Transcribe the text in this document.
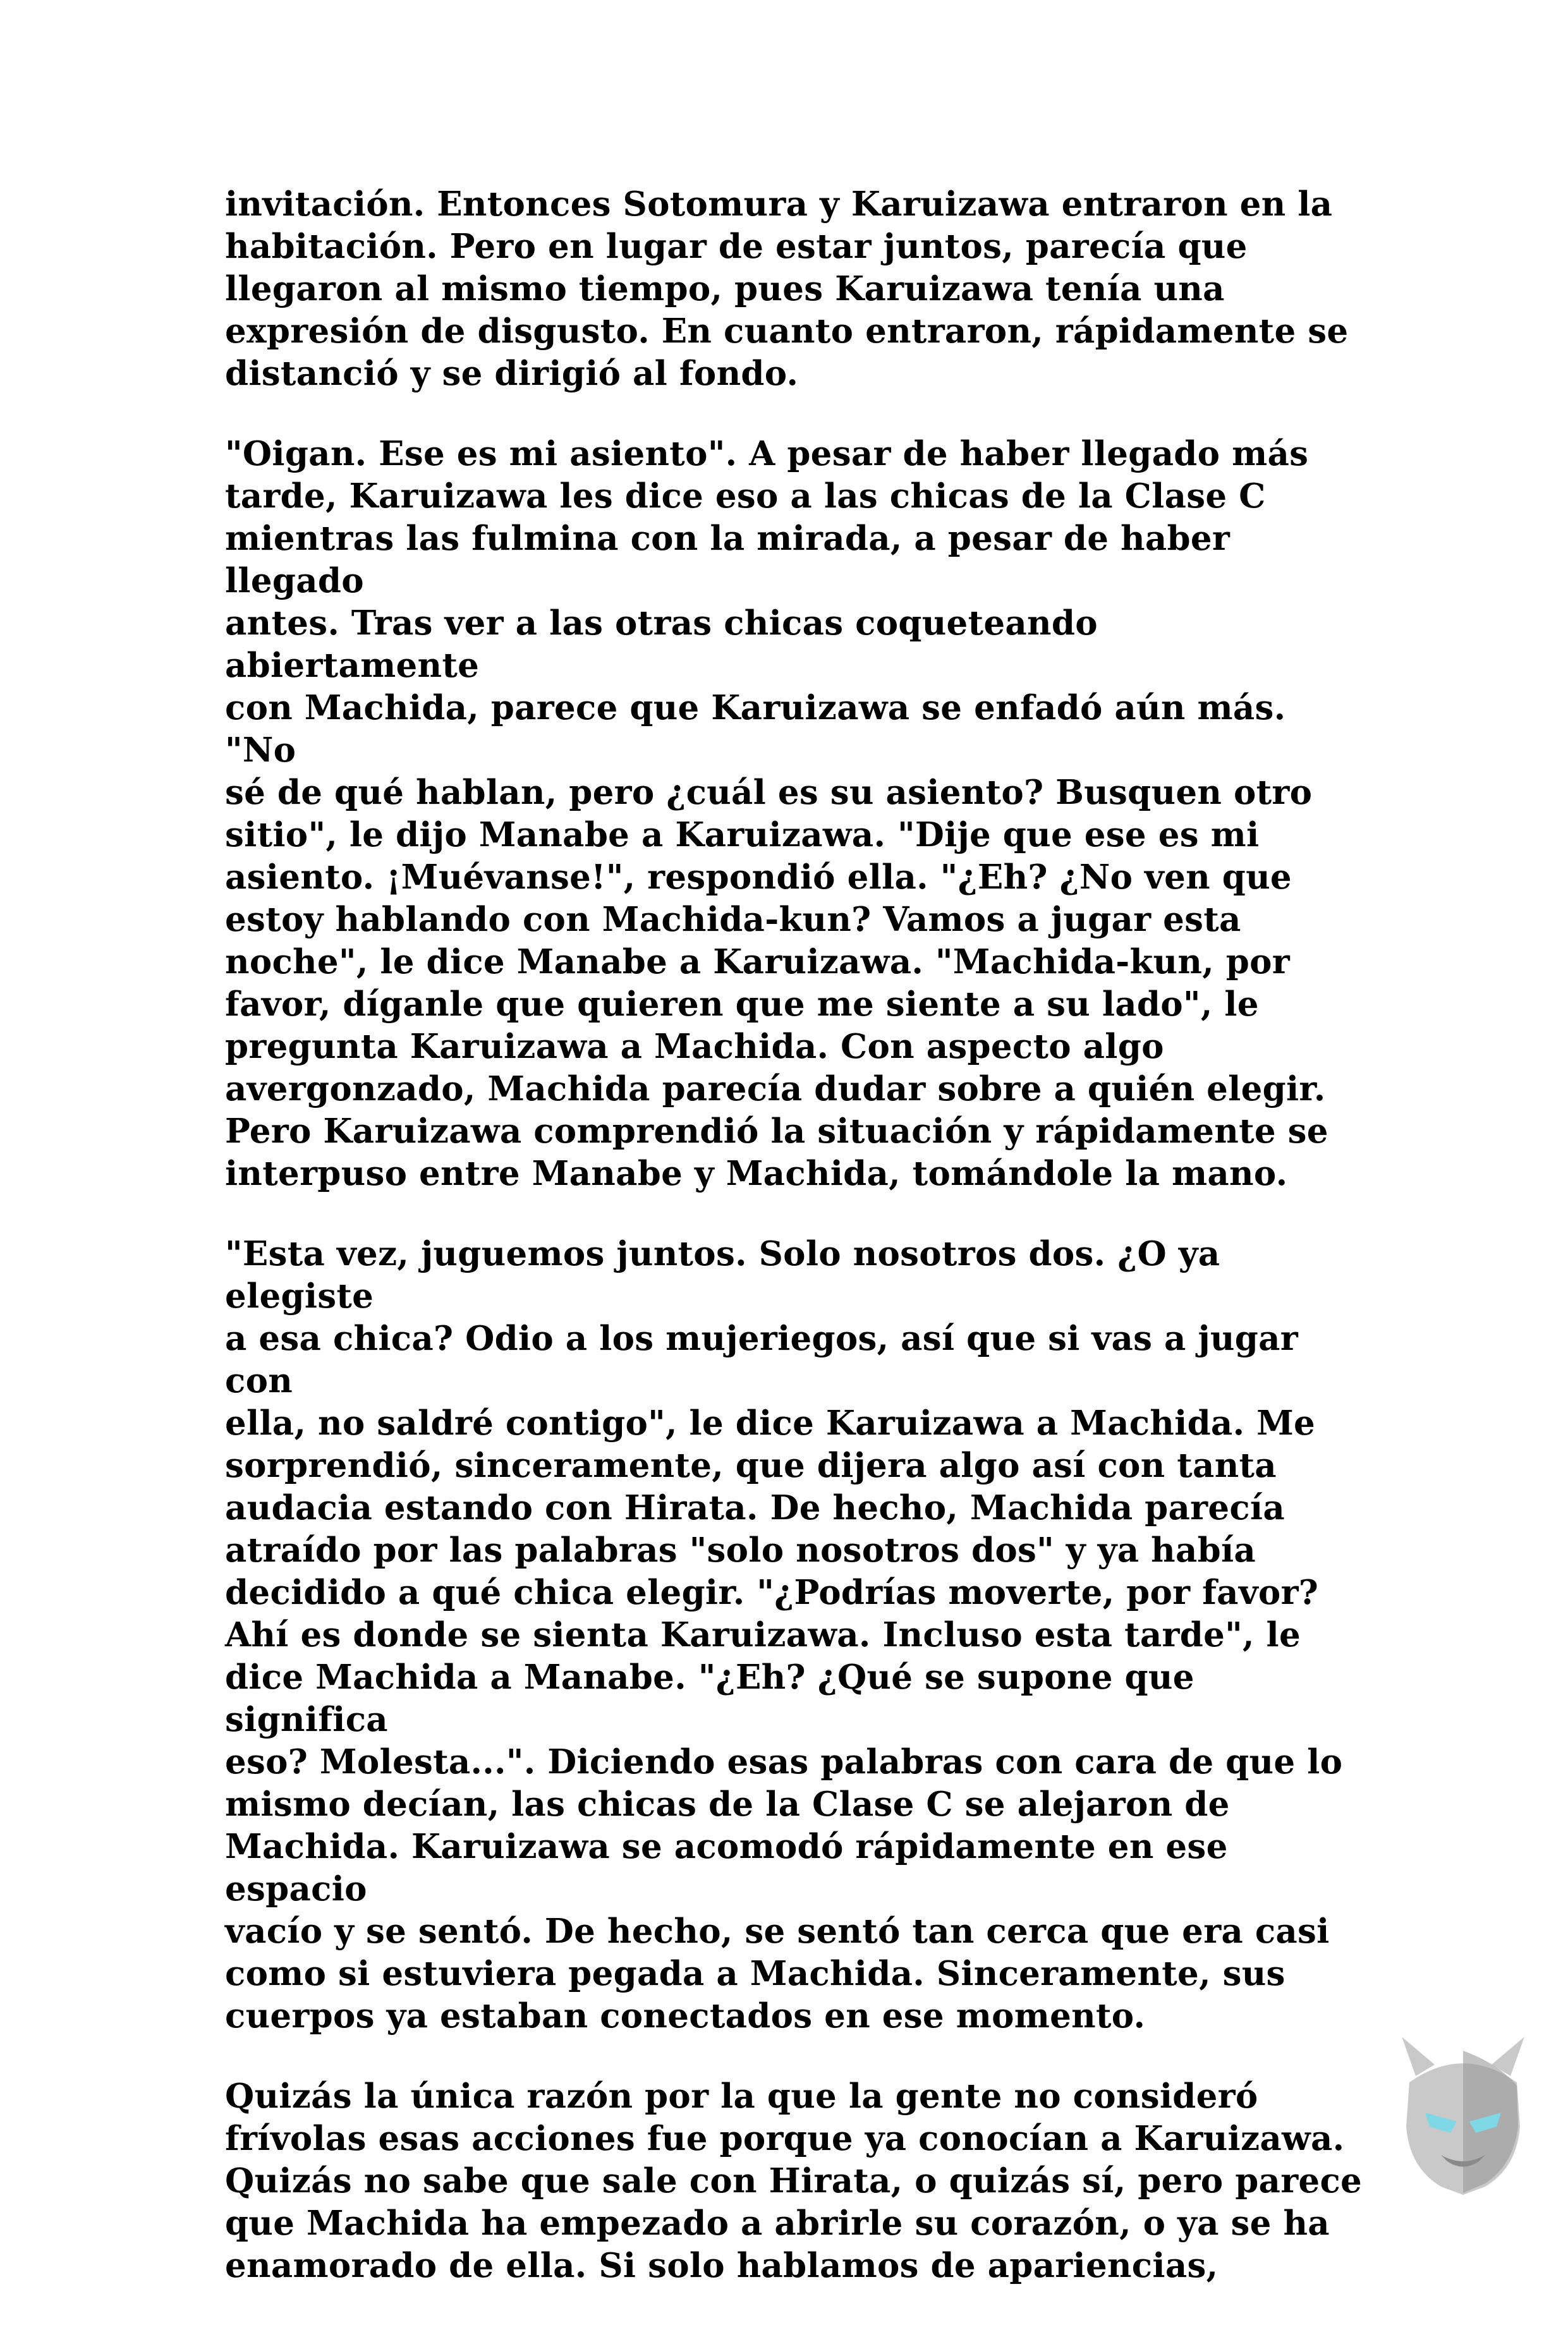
invitación. Entonces Sotomura y Karuizawa entraron en la
habitación. Pero en lugar de estar juntos, parecía que
llegaron al mismo tiempo, pues Karuizawa tenía una
expresión de disgusto. En cuanto entraron, rápidamente se
distanció y se dirigió al fondo.

"Oigan. Ese es mi asiento". A pesar de haber llegado más
tarde, Karuizawa les dice eso a las chicas de la Clase C
mientras las fulmina con la mirada, a pesar de haber llegado
antes. Tras ver a las otras chicas coqueteando abiertamente
con Machida, parece que Karuizawa se enfadó aún más. "No
sé de qué hablan, pero ¿cuál es su asiento? Busquen otro
sitio", le dijo Manabe a Karuizawa. "Dije que ese es mi
asiento. ¡Muévanse!", respondió ella. "¿Eh? ¿No ven que
estoy hablando con Machida-kun? Vamos a jugar esta
noche", le dice Manabe a Karuizawa. "Machida-kun, por
favor, díganle que quieren que me siente a su lado", le
pregunta Karuizawa a Machida. Con aspecto algo
avergonzado, Machida parecía dudar sobre a quién elegir.
Pero Karuizawa comprendió la situación y rápidamente se
interpuso entre Manabe y Machida, tomándole la mano.

"Esta vez, juguemos juntos. Solo nosotros dos. ¿O ya elegiste
a esa chica? Odio a los mujeriegos, así que si vas a jugar con
ella, no saldré contigo", le dice Karuizawa a Machida. Me
sorprendió, sinceramente, que dijera algo así con tanta
audacia estando con Hirata. De hecho, Machida parecía
atraído por las palabras "solo nosotros dos" y ya había
decidido a qué chica elegir. "¿Podrías moverte, por favor?
Ahí es donde se sienta Karuizawa. Incluso esta tarde", le
dice Machida a Manabe. "¿Eh? ¿Qué se supone que significa
eso? Molesta...". Diciendo esas palabras con cara de que lo
mismo decían, las chicas de la Clase C se alejaron de
Machida. Karuizawa se acomodó rápidamente en ese espacio
vacío y se sentó. De hecho, se sentó tan cerca que era casi
como si estuviera pegada a Machida. Sinceramente, sus
cuerpos ya estaban conectados en ese momento.

Quizás la única razón por la que la gente no consideró
frívolas esas acciones fue porque ya conocían a Karuizawa.
Quizás no sabe que sale con Hirata, o quizás sí, pero parece
que Machida ha empezado a abrirle su corazón, o ya se ha
enamorado de ella. Si solo hablamos de apariencias,
